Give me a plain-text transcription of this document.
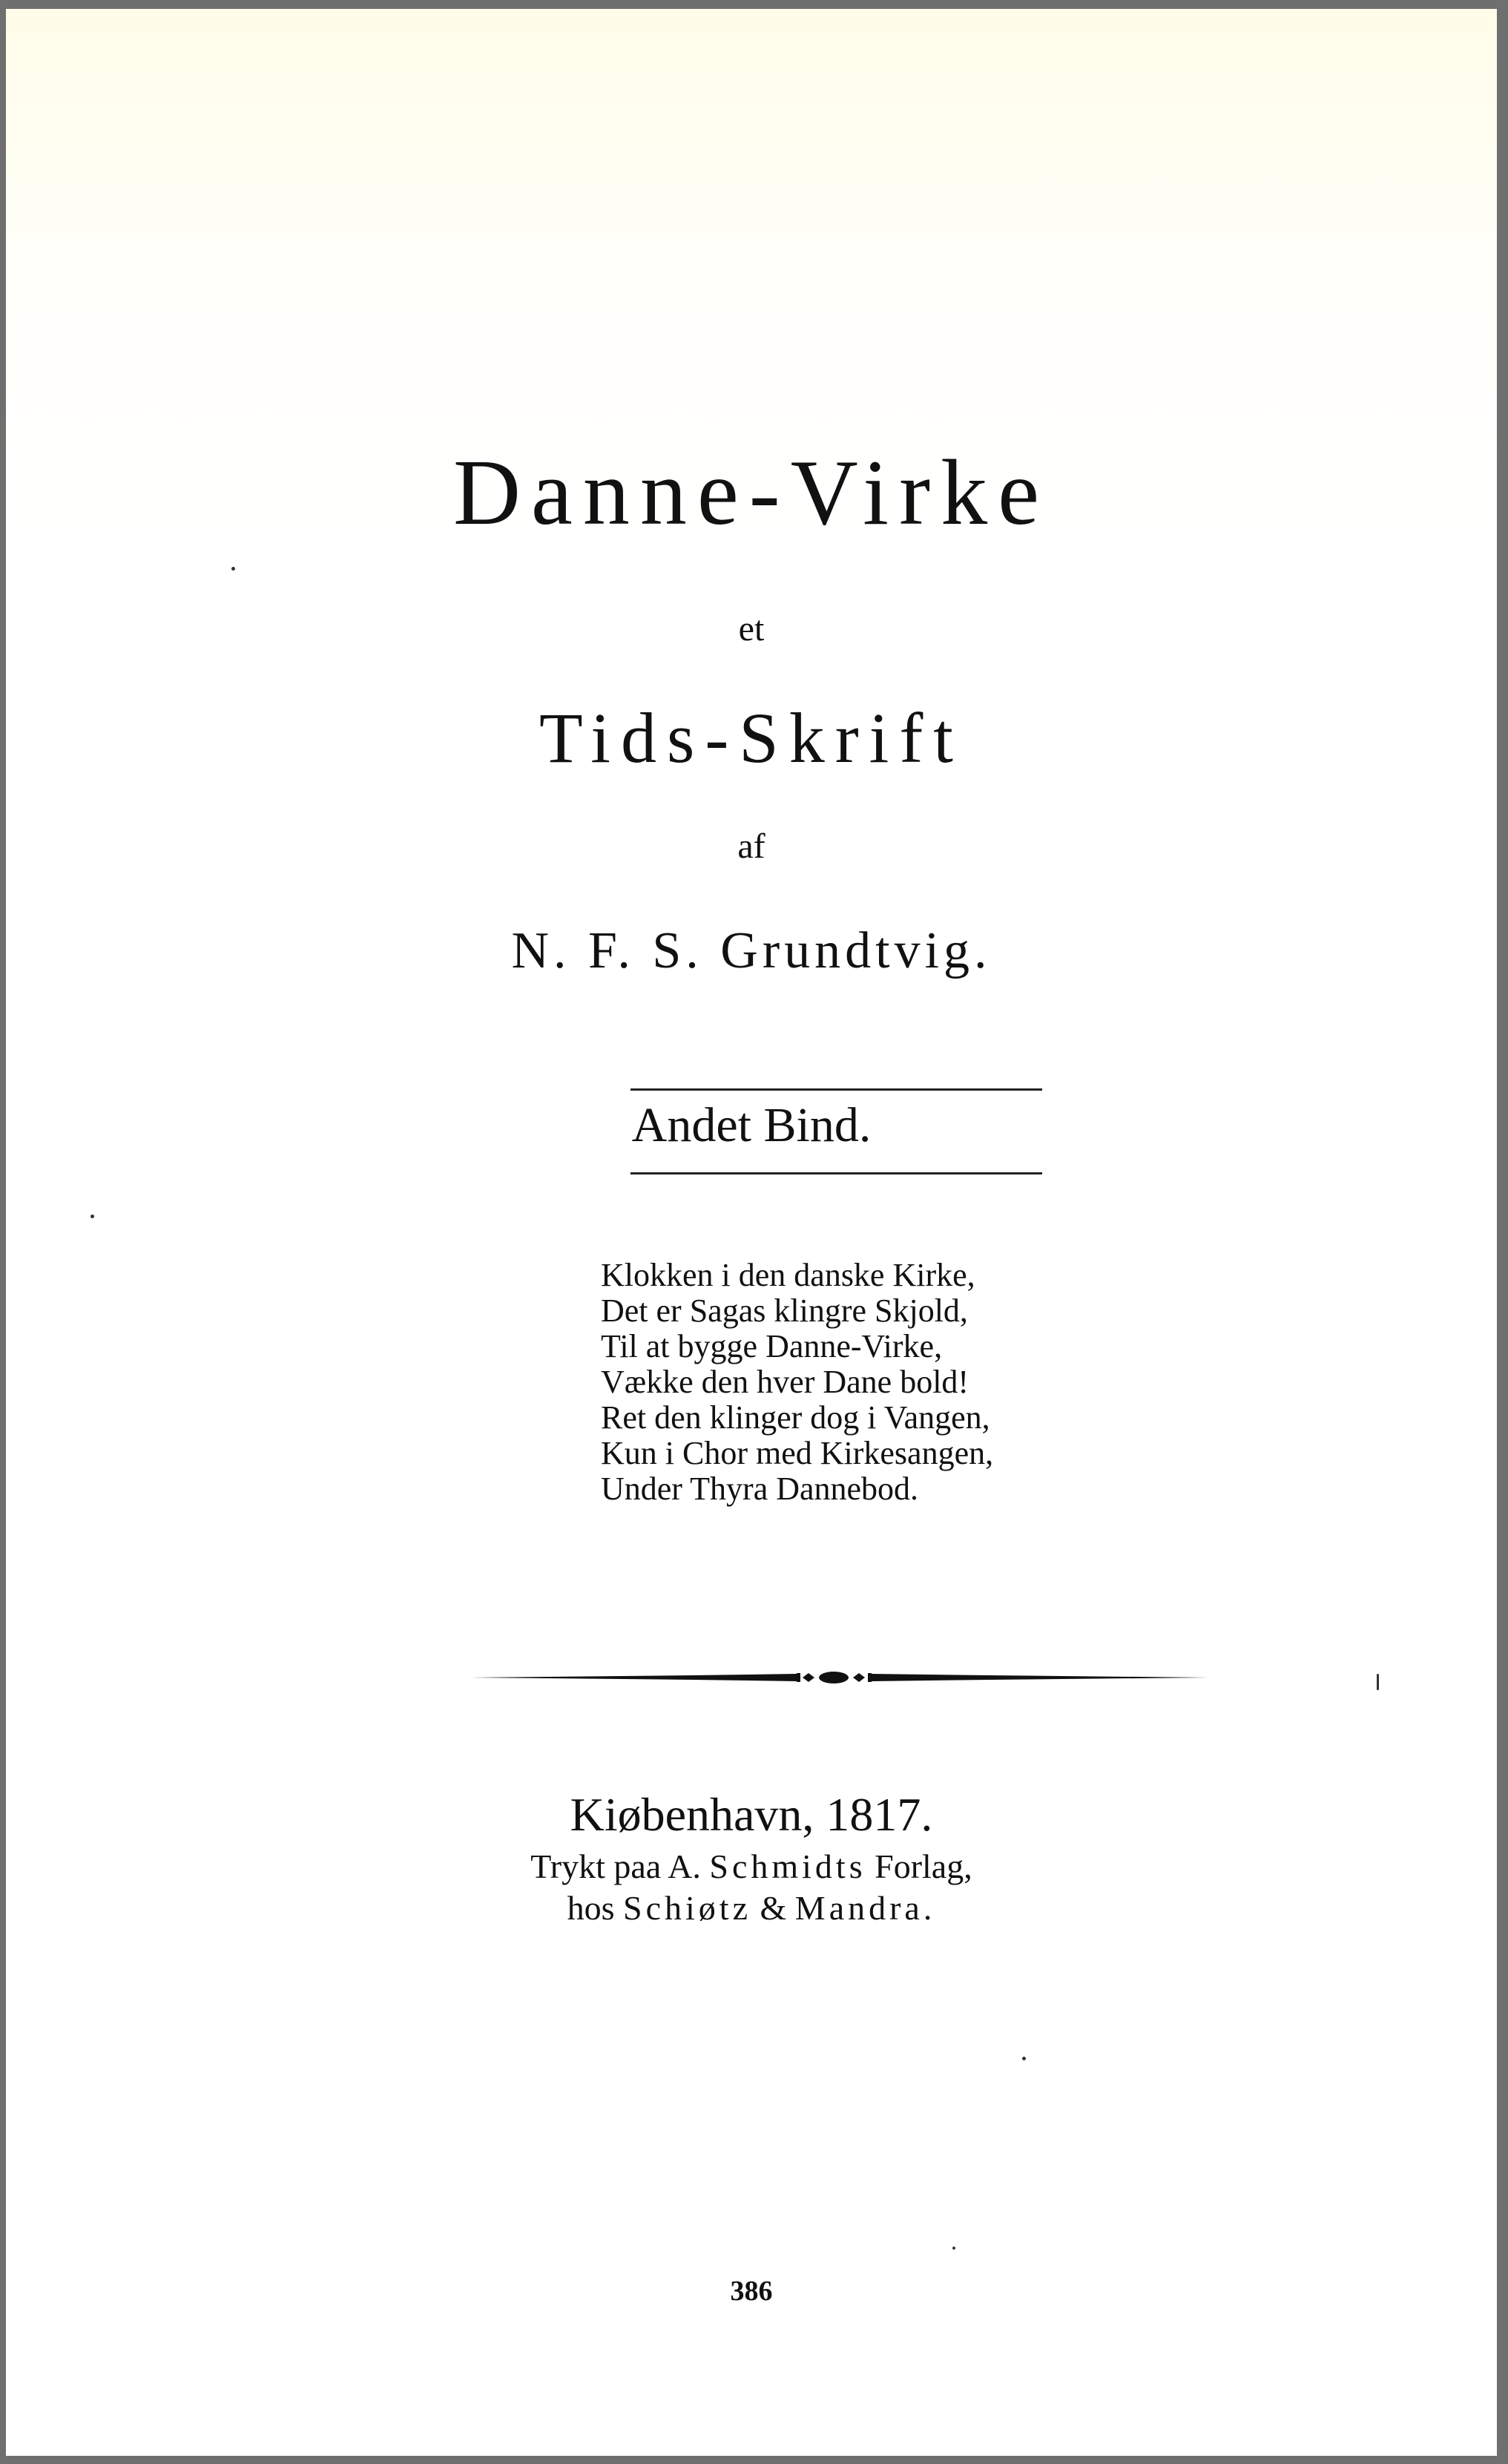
Danne-Virke
et
Tids-Skrift
af
N. F. S. Grundtvig.
Andet Bind.
Klokken i den danske Kirke,
Det er Sagas klingre Skjold,
Til at bygge Danne-Virke,
Vække den hver Dane bold!
Ret den klinger dog i Vangen,
Kun i Chor med Kirkesangen,
Under Thyra Dannebod.
Kiøbenhavn, 1817.
Trykt paa A. Schmidts Forlag,
hos Schiøtz & Mandra.
386
